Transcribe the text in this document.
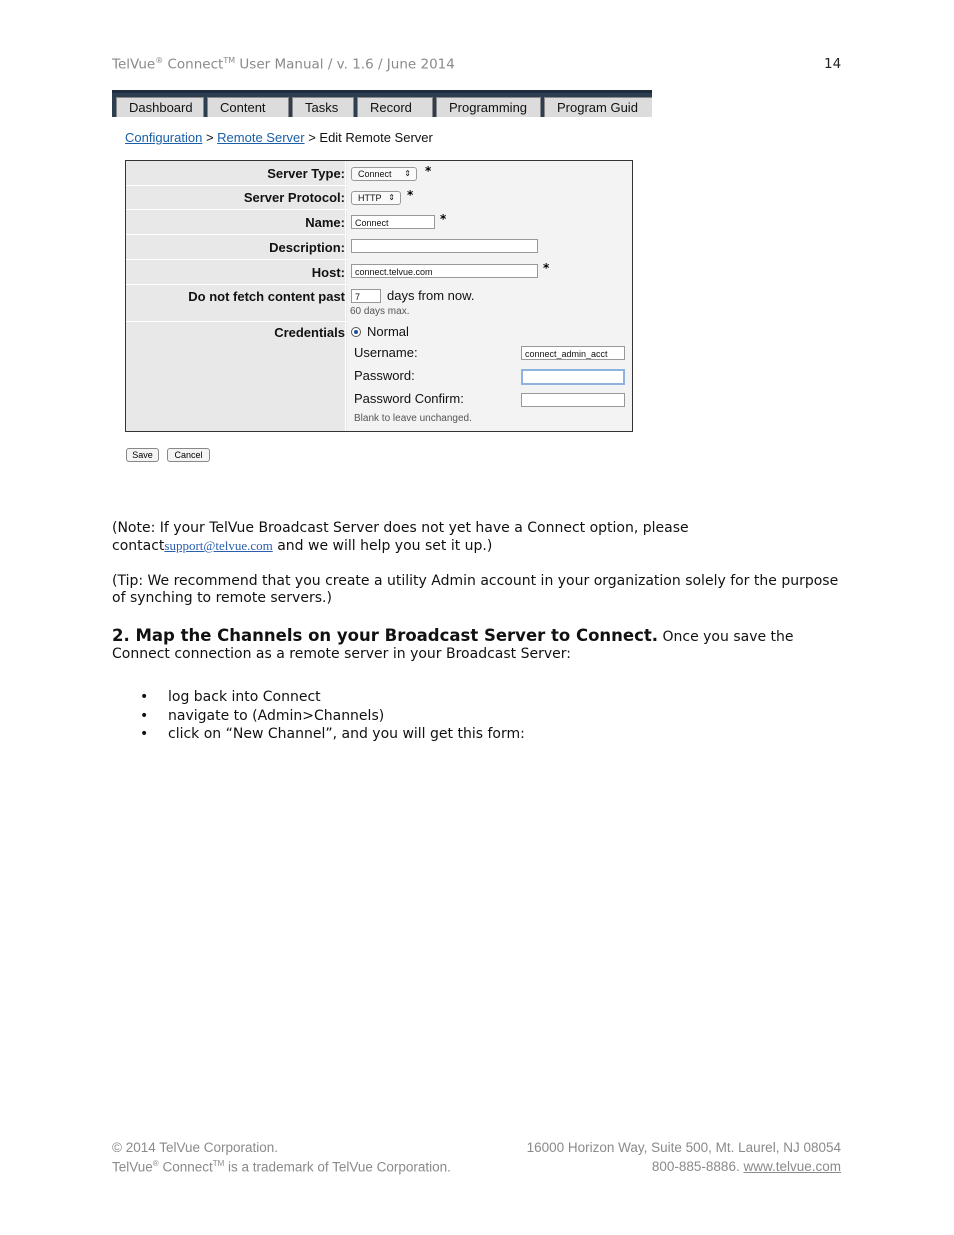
TelVue® Connect™ User Manual / v. 1.6 / June 2014	14
Dashboard	Content	Tasks	Record	Programming	Program Guid
Configuration > Remote Server > Edit Remote Server
Server Type:	Connect ⇕ *
Server Protocol:	HTTP ⇕ *
Name:	Connect	*
Description:
Host:	connect.telvue.com	*
Do not fetch content past	7	days from now.
60 days max.
Credentials Normal
Username:	connect_admin_acct
Password:
Password Confirm:
Blank to leave unchanged.
Save	Cancel
(Note: If your TelVue Broadcast Server does not yet have a Connect option, please contactsupport@telvue.com and we will help you set it up.)
(Tip: We recommend that you create a utility Admin account in your organization solely for the purpose of synching to remote servers.)
2. Map the Channels on your Broadcast Server to Connect. Once you save the Connect connection as a remote server in your Broadcast Server:
• log back into Connect
• navigate to (Admin>Channels)
• click on “New Channel”, and you will get this form:
© 2014 TelVue Corporation.	16000 Horizon Way, Suite 500, Mt. Laurel, NJ 08054
TelVue® Connect™ is a trademark of TelVue Corporation.	800-885-8886. www.telvue.com
